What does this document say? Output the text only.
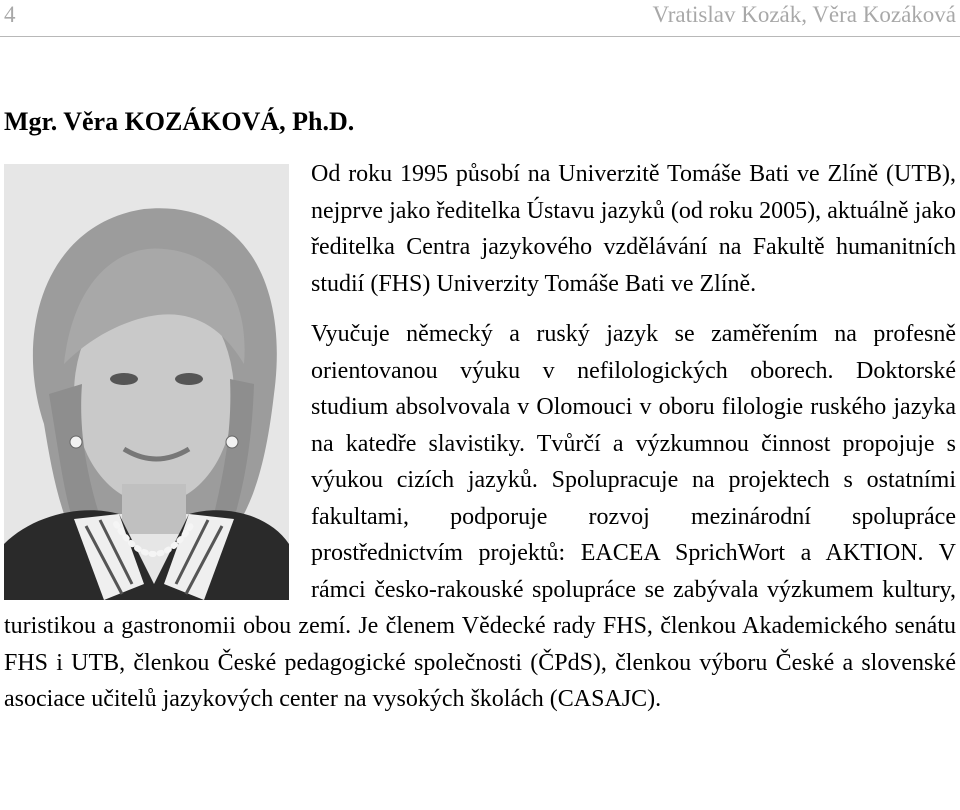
4	Vratislav Kozák, Věra Kozáková
Mgr. Věra KOZÁKOVÁ, Ph.D.

Od roku 1995 působí na Univerzitě Tomáše Bati ve Zlíně (UTB), nejprve jako ředitelka Ústavu jazyků (od roku 2005), aktuálně jako ředitelka Centra jazykového vzdělávání na Fakultě humanitních studií (FHS) Univerzity Tomáše Bati ve Zlíně.

Vyučuje německý a ruský jazyk se zaměřením na profesně orientovanou výuku v nefilologických oborech. Doktorské studium absolvovala v Olomouci v oboru filologie ruského jazyka na katedře slavistiky. Tvůrčí a výzkumnou činnost propojuje s výukou cizích jazyků. Spolupracuje na projektech s ostatními fakultami, podporuje rozvoj mezinárodní spolupráce prostřednictvím projektů: EACEA SprichWort a AKTION. V rámci česko-rakouské spolupráce se zabývala výzkumem kultury, turistikou a gastronomii obou zemí. Je členem Vědecké rady FHS, členkou Akademického senátu FHS i UTB, členkou České pedagogické společnosti (ČPdS), členkou výboru České a slovenské asociace učitelů jazykových center na vysokých školách (CASAJC).
